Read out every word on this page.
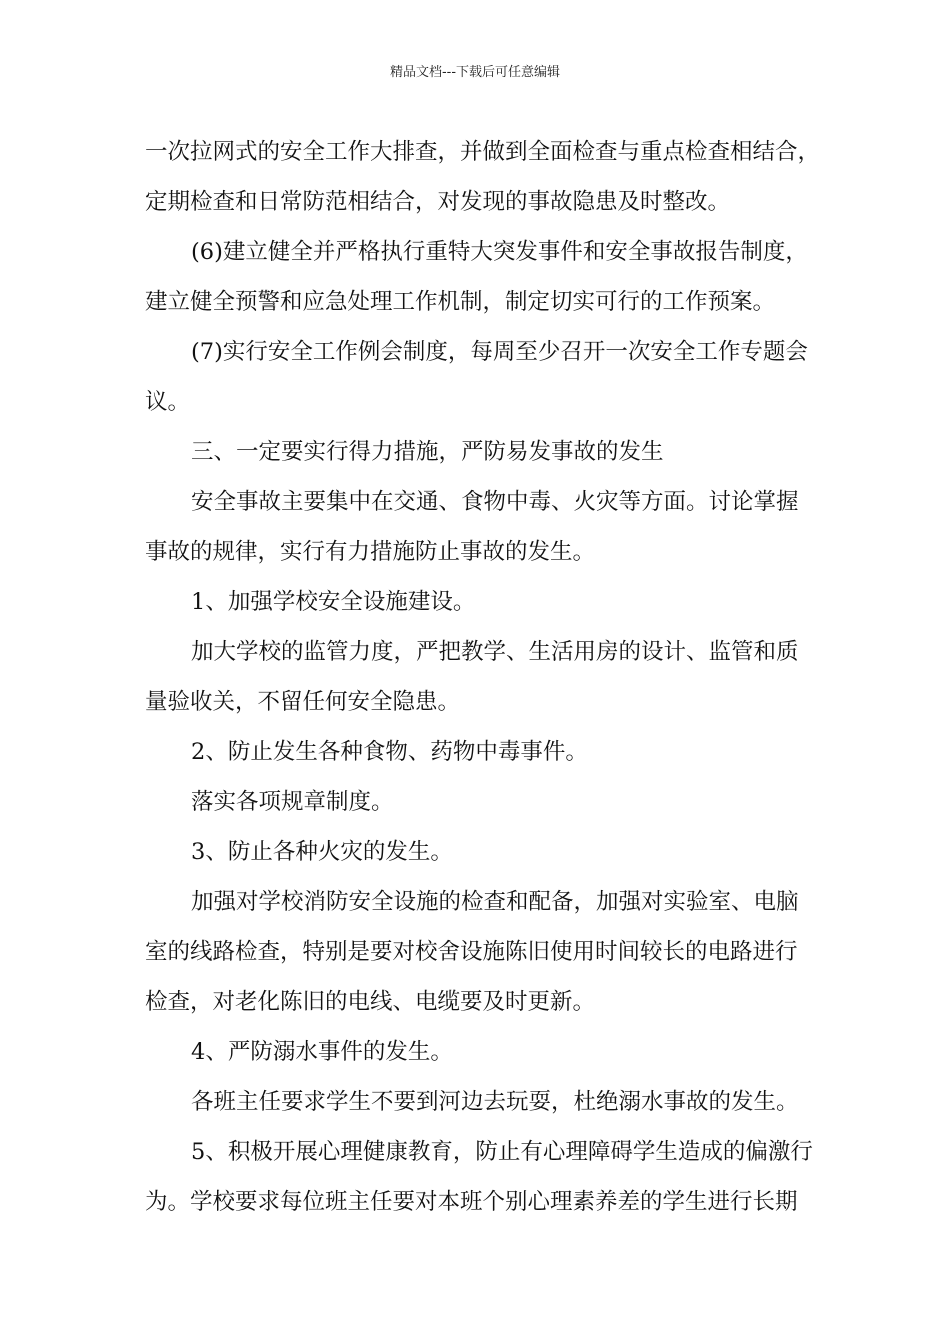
精品文档---下载后可任意编辑
一次拉网式的安全工作大排查，并做到全面检查与重点检查相结合，
定期检查和日常防范相结合，对发现的事故隐患及时整改。
(6)建立健全并严格执行重特大突发事件和安全事故报告制度，
建立健全预警和应急处理工作机制，制定切实可行的工作预案。
(7)实行安全工作例会制度，每周至少召开一次安全工作专题会
议。
三、一定要实行得力措施，严防易发事故的发生
安全事故主要集中在交通、食物中毒、火灾等方面。讨论掌握
事故的规律，实行有力措施防止事故的发生。
1、加强学校安全设施建设。
加大学校的监管力度，严把教学、生活用房的设计、监管和质
量验收关，不留任何安全隐患。
2、防止发生各种食物、药物中毒事件。
落实各项规章制度。
3、防止各种火灾的发生。
加强对学校消防安全设施的检查和配备，加强对实验室、电脑
室的线路检查，特别是要对校舍设施陈旧使用时间较长的电路进行
检查，对老化陈旧的电线、电缆要及时更新。
4、严防溺水事件的发生。
各班主任要求学生不要到河边去玩耍，杜绝溺水事故的发生。
5、积极开展心理健康教育，防止有心理障碍学生造成的偏激行
为。学校要求每位班主任要对本班个别心理素养差的学生进行长期
